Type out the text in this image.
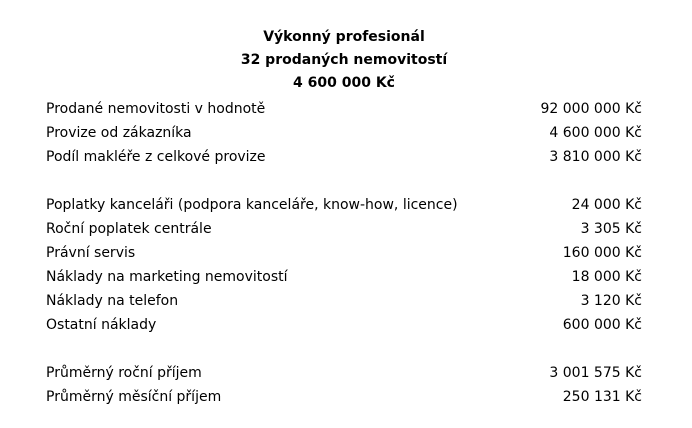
Výkonný profesionál
32 prodaných nemovitostí
4 600 000 Kč
Prodané nemovitosti v hodnotě	92 000 000 Kč
Provize od zákazníka	4 600 000 Kč
Podíl makléře z celkové provize	3 810 000 Kč
Poplatky kanceláři (podpora kanceláře, know-how, licence)	24 000 Kč
Roční poplatek centrále	3 305 Kč
Právní servis	160 000 Kč
Náklady na marketing nemovitostí	18 000 Kč
Náklady na telefon	3 120 Kč
Ostatní náklady	600 000 Kč
Průměrný roční příjem	3 001 575 Kč
Průměrný měsíční příjem	250 131 Kč
